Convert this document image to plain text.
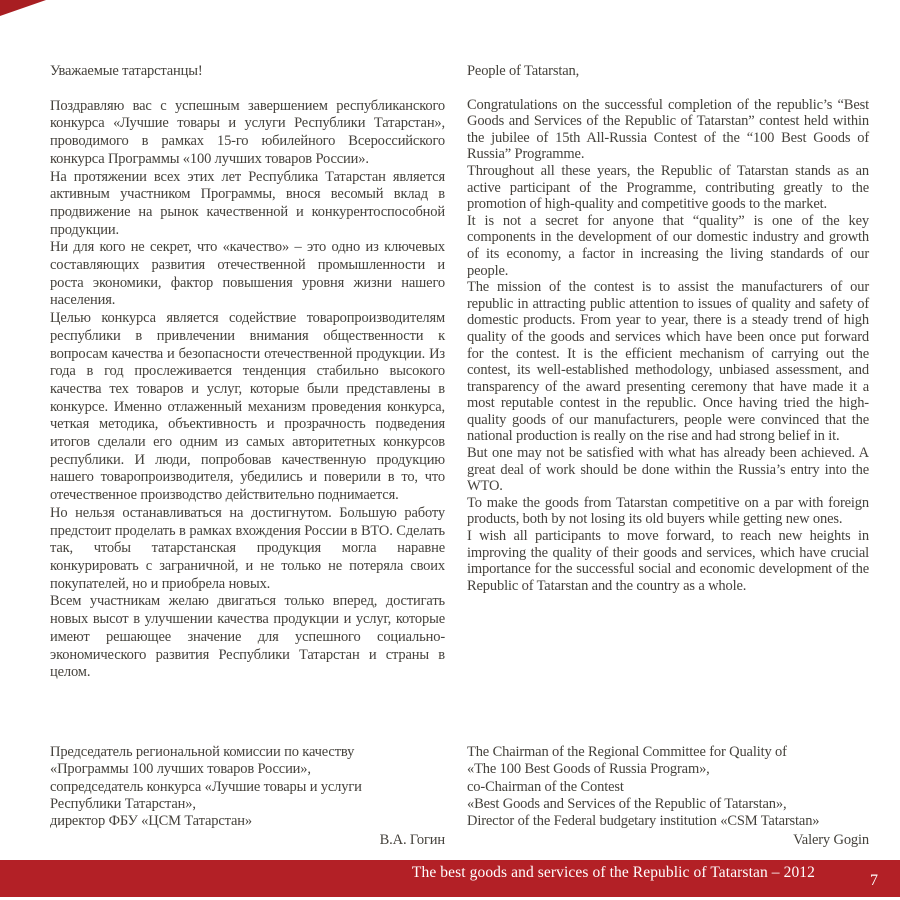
Уважаемые татарстанцы!

Поздравляю вас с успешным завершением республиканского конкурса «Лучшие товары и услуги Республики Татарстан», проводимого в рамках 15-го юбилейного Всероссийского конкурса Программы «100 лучших товаров России».

На протяжении всех этих лет Республика Татарстан является активным участником Программы, внося весомый вклад в продвижение на рынок качественной и конкурентоспособной продукции.

Ни для кого не секрет, что «качество» – это одно из ключевых составляющих развития отечественной промышленности и роста экономики, фактор повышения уровня жизни нашего населения.

Целью конкурса является содействие товаропроизводителям республики в привлечении внимания общественности к вопросам качества и безопасности отечественной продукции. Из года в год прослеживается тенденция стабильно высокого качества тех товаров и услуг, которые были представлены в конкурсе. Именно отлаженный механизм проведения конкурса, четкая методика, объективность и прозрачность подведения итогов сделали его одним из самых авторитетных конкурсов республики. И люди, попробовав качественную продукцию нашего товаропроизводителя, убедились и поверили в то, что отечественное производство действительно поднимается.

Но нельзя останавливаться на достигнутом. Большую работу предстоит проделать в рамках вхождения России в ВТО. Сделать так, чтобы татарстанская продукция могла наравне конкурировать с заграничной, и не только не потеряла своих покупателей, но и приобрела новых.

Всем участникам желаю двигаться только вперед, достигать новых высот в улучшении качества продукции и услуг, которые имеют решающее значение для успешного социально-экономического развития Республики Татарстан и страны в целом.

People of Tatarstan,

Congratulations on the successful completion of the republic’s “Best Goods and Services of the Republic of Tatarstan” contest held within the jubilee of 15th All-Russia Contest of the “100 Best Goods of Russia” Programme.

Throughout all these years, the Republic of Tatarstan stands as an active participant of the Programme, contributing greatly to the promotion of high-quality and competitive goods to the market.

It is not a secret for anyone that “quality” is one of the key components in the development of our domestic industry and growth of its economy, a factor in increasing the living standards of our people.

The mission of the contest is to assist the manufacturers of our republic in attracting public attention to issues of quality and safety of domestic products. From year to year, there is a steady trend of high quality of the goods and services which have been once put forward for the contest. It is the efficient mechanism of carrying out the contest, its well-established methodology, unbiased assessment, and transparency of the award presenting ceremony that have made it a most reputable contest in the republic. Once having tried the high-quality goods of our manufacturers, people were convinced that the national production is really on the rise and had strong belief in it.

But one may not be satisfied with what has already been achieved. A great deal of work should be done within the Russia’s entry into the WTO.

To make the goods from Tatarstan competitive on a par with foreign products, both by not losing its old buyers while getting new ones.

I wish all participants to move forward, to reach new heights in improving the quality of their goods and services, which have crucial importance for the successful social and economic development of the Republic of Tatarstan and the country as a whole.

Председатель региональной комиссии по качеству
«Программы 100 лучших товаров России»,
сопредседатель конкурса «Лучшие товары и услуги
Республики Татарстан»,
директор ФБУ «ЦСМ Татарстан»
В.А. Гогин
The Chairman of the Regional Committee for Quality of
«The 100 Best Goods of Russia Program»,
co-Chairman of the Contest
«Best Goods and Services of the Republic of Tatarstan»,
Director of the Federal budgetary institution «CSM Tatarstan»
Valery Gogin
The best goods and services of the Republic of Tatarstan – 2012	7
